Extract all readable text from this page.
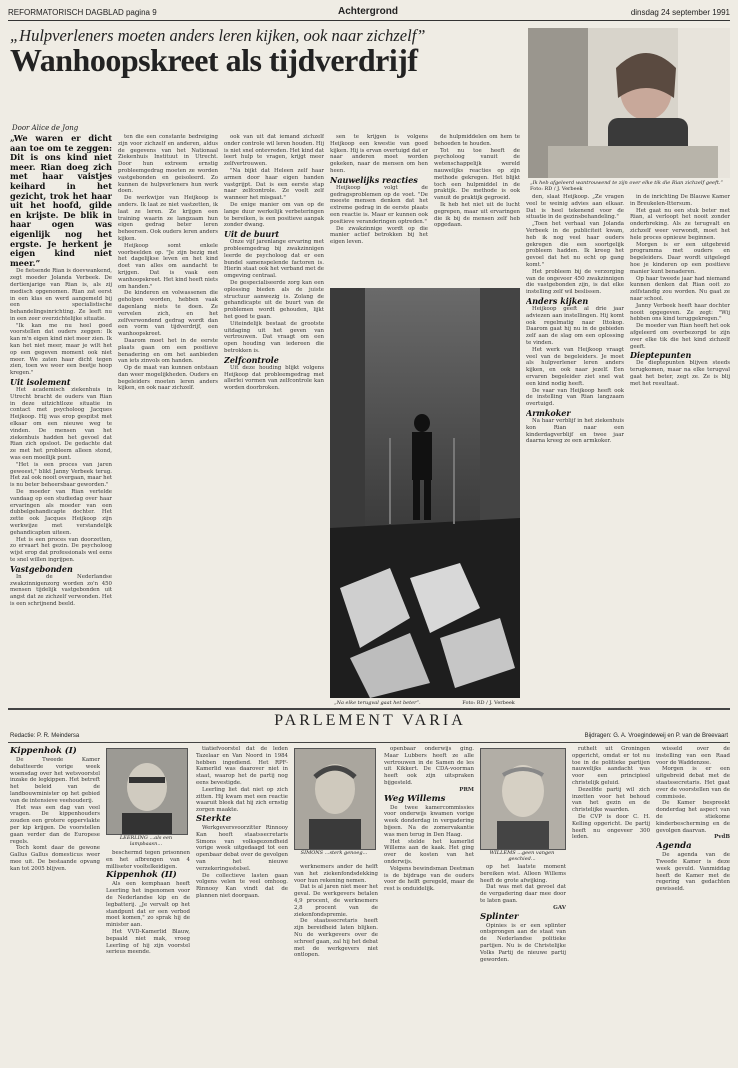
REFORMATORISCH DAGBLAD pagina 9	Achtergrond	dinsdag 24 september 1991
„Hulpverleners moeten anders leren kijken, ook naar zichzelf”
Wanhoopskreet als tijdverdrijf
Door Alice de Jong

„We waren er dicht aan toe om te zeggen: Dit is ons kind niet meer. Rian doeg zich met haar vaistjes keihard in het gezicht, trok het haar uit het hoofd, gilde en krijste. De blik in haar ogen was eigenlijk nog het ergste. Je herkent je eigen kind niet meer.”

De fietsende Rian is doevwankend, zegt moeder Jolanda Verbeek. De dertienjarige van Rian is, als zij medisch opgenomen. Rian zat eerst in een klas en werd aangemeld bij een specialistische behandelingsinrichting. Ze leeft nu in een zeer overzichtelijke situatie.

"Ik kan me nu heel goed voorstellen dat ouders zeggen: Ik kan m'n eigen kind niet meer zien. Ik kan het niet meer, maar je wilt het op een gegeven moment ook niet meer. We zaten haar dicht tegen zien, toen we weer een beetje hoop kregen."

Uit isolement

Het academisch ziekenhuis in Utrecht bracht de ouders van Rian in deze uitzichtloze situatie in contact met psycholoog Jacques Heijkoop. Hij was erop gespitst met elkaar om een nieuwe weg te vinden. De mensen van het ziekenhuis hadden het gevoel dat Rian zich opsloot. De gedachte dat ze met het probleem alleen stond, was een moeilijk punt.

"Het is een proces van jaren geweest," blikt Janny Verbeek terug. Het zal ook nooit overgaan, maar het is nu beter beheersbaar geworden."

De moeder van Rian vertelde vandaag op een studiedag over haar ervaringen als moeder van een dubbelgehandicapte dochter. Het zette ook Jacques Heijkoop zijn werkwijze met verstandelijk gehandicapten uiteen.

Het is een proces van doorzetten, zo ervaart het gezin. De psycholoog wijst erop dat professionals wel eens te snel willen ingrijpen.

Vastgebonden

In de Nederlandse zwakzinnigenzorg worden zo'n 450 mensen tijdelijk vastgebonden uit angst dat ze zichzelf verwonden. Het is een schrijnend beeld.

ten die een constante bedreiging zijn voor zichzelf en anderen, aldus de gegevens van het Nationaal Ziekenhuis Instituut in Utrecht. Door hun extreem ernstig probleemgedrag moeten ze worden vastgebonden en geisoleerd. Zo kunnen de hulpverleners hun werk doen.

De werkwijze van Heijkoop is anders. Ik laat ze niet vastzetten, ik laat ze leren. Ze krijgen een training waarin ze langzaam hun eigen gedrag beter leren beheersen. Ook ouders leren anders kijken.

Heijkoop somt enkele voorbeelden op. "Je zijn bezig met het dagelijkse leven en het kind doet van alles om aandacht te krijgen. Dat is vaak een wanhoopskreet. Het kind heeft niets om handen."

De kinderen en volwassenen die geholpen worden, hebben vaak dagenlang niets te doen. Ze vervelen zich, en het zelfverwondend gedrag wordt dan een vorm van tijdverdrijf, een wanhoopskreet.

Daarom moet het in de eerste plaats gaan om een positieve benadering en om het aanbieden van iets zinvols om handen.

Op de maat van kunnen ontstaan dan weer mogelijkheden. Ouders en begeleiders moeten leren anders kijken, en ook naar zichzelf.

ook van uit dat iemand zichzelf onder controle wil leren houden. Hij is niet snel ontevreden. Het kind dat leert hulp te vragen, krijgt meer zelfvertrouwen.

"Na bijkt dat Heleen zelf haar armen door haar eigen handen vastgrijpt. Dat is een eerste stap naar zelfcontrole. Ze voelt zelf wanneer het misgaat."

De enige manier om van op de lange duur werkelijk verbeteringen te bereiken, is een positieve aanpak zonder dwang.

Uit de buurt

Onze vijf jarenlange ervaring met probleemgedrag bij zwakzinnigen leerde de psycholoog dat er een bundel samenspelende factoren is. Hierin staat ook het verband met de omgeving centraal.

De gespecialiseerde zorg kan een oplossing bieden als de juiste structuur aanwezig is. Zolang de gehandicapte uit de buurt van de problemen wordt gehouden, lijkt het goed te gaan.

Uiteindelijk bestaat de grootste uitdaging uit het geven van vertrouwen. Dat vraagt om een open houding van iedereen die betrokken is.

Zelfcontrole

Uit deze houding blijkt volgens Heijkoop dat probleemgedrag met allerlei vormen van zelfcontrole kan worden doorbroken.

sen te krijgen is volgens Heijkoop een kwestie van goed kijken. Hij is ervan overtuigd dat er naar anderen moet worden gekeken, naar de mensen om hen heen.

Nauwelijks reacties

Heijkoop volgt de gedragsproblemen op de voet. "De meeste mensen denken dat het extreme gedrag in de eerste plaats een reactie is. Maar er kunnen ook positieve veranderingen optreden."

De zwakzinnige wordt op die manier actief betrokken bij het eigen leven.

de hulpmiddelen om hem te behoeden te houden.

Tot nu toe heeft de psycholoog vanuit de wetenschappelijk wereld nauwelijks reacties op zijn methode gekregen. Het blijkt toch een hulpmiddel in de praktijk. De methode is ook vanuit de praktijk gegroeid.

Ik heb het niet uit de lucht gegrepen, maar uit ervaringen die ik bij de mensen zelf heb opgedaan.

„Ik heb afgeleerd wantrouwend te zijn over elke tik die Rian zichzelf geeft.” Foto: RD / J. Verbeek
„Na elke terugval gaat het beter”.	Foto: RD / J. Verbeek

den, slaat Heijkoop. „Ze vragen veel te weinig advies aan elkaar. Dat is heel tekenend voor de situatie in de gezinsbehandeling."

„Toen het verhaal van Jolanda Verbeek in de publiciteit kwam, heb ik nog veel haar ouders gekregen die een soortgelijk probleem hadden. Ik kreeg het gevoel dat het nu echt op gang komt."

Het probleem bij de verzorging van de ongeveer 450 zwakzinnigen die vastgebonden zijn, is dat elke instelling zelf wil beslissen.

Anders kijken

Heijkoop geeft al drie jaar adviezen aan instellingen. Hij komt ook regelmatig naar Ittokop. Daarom gaat hij nu in de gebieden zelf aan de slag om een oplossing te vinden.

Het werk van Heijkoop vraagt veel van de begeleiders. Je moet als hulpverlener leren anders kijken, en ook naar jezelf. Een ervaren begeleider ziet snel wat een kind nodig heeft.

De vaar van Heijkoop heeft ook de instelling van Rian langzaam overtuigd.

Armkoker

Na haar verblijf in het ziekenhuis kon Rian naar een kinderdagverblijf en twee jaar daarna kreeg ze een armkoker.

in de inrichting De Blauwe Kamer in Breukelen-Ittersum.

Het gaat nu een stuk beter met Rian, al verloopt het nooit zonder onderbreking. Als ze terugvalt en zichzelf weer verwondt, moet het hele proces opnieuw beginnen.

Morgen is er een uitgebreid programma met ouders en begeleiders. Daar wordt uitgelegd hoe je kinderen op een positieve manier kunt benaderen.

Op haar tweede jaar had niemand kunnen denken dat Rian ooit zo zelfstandig zou worden. Nu gaat ze naar school.

Janny Verbeek heeft haar dochter nooit opgegeven. Ze zegt: "Wij hebben ons kind teruggekregen."

De moeder van Rian heeft het ook afgeleerd om overbezorgd te zijn over elke tik die het kind zichzelf geeft.

Dieptepunten

De dieptepunten blijven steeds terugkomen, maar na elke terugval gaat het beter, zegt ze. Ze is blij met het resultaat.

PARLEMENT VARIA
Redactie: P. R. Meindersa	Bijdragen: G. A. Vroegindeweij en P. van de Breevaart

Kippenhok (I)

De Tweede Kamer debatteerde vorige week woensdag over het wetsvoorstel inzake de legkippen. Het betreft het beleid van de landbouwminister op het gebied van de intensieve veehouderij.

Het was een dag van veel vragen. De kippenhouders zouden een grotere oppervlakte per kip krijgen. De voorstellen gaan verder dan de Europese regels.

Toch komt daar de gewone Gallus Gallus domesticus weer mee uit. De bestaande opvang kan tot 2005 blijven.

LEERLING ...als een lampbaasn...

beschermd tegen prisonnen en het afbrengen van 4 milliseter vooltelkeidigen.

Kippenhok (II)

Als een kemphaan heeft Leerling het ingenomen voor de Nederlandse kip en de legbatterij. „Je vervalt op het standpunt dat er een verbod moet komen," zo sprak hij de minister aan.

Het VVD-Kamerlid Blauw, bepaald niet mak, vroeg Leerling of hij zijn voorstel serieus meende.

tiatiefvoorstel dat de leden Tazelaar en Van Noord in 1984 hebben ingediend. Het RPF-Kamerlid was daarover niet in staat, waarop het de partij nog eens bevestigde.

Leerling liet dat niet op zich zitten. Hij kwam met een reactie waaruit bleek dat hij zich ernstig zorgen maakte.

Sterkte

Werkgeversvoorzitter Rinnooy Kan heeft staatssecretaris Simons van volksgezondheid vorige week uitgedaagd tot een openbaar debat over de gevolgen van het nieuwe verzekeringsstelsel.

De collectieve lasten gaan volgens velen te veel omhoog. Rinnooy Kan vindt dat de plannen niet doorgaan.

SIMONS ...sterk genoeg...

werknemers ander de helft van het ziekenfondsdekking voor hun rekening nemen.

Dat is al jaren niet meer het geval. De werkgevers betalen 4,9 procent, de werknemers 2,8 procent van de ziekenfondspremie.

De staatssecretaris heeft zijn bereidheid laten blijken. Nu de werkgevers over de schreef gaan, zal hij het debat met de werkgevers niet ontlopen.

openbaar onderwijs ging. Maar Lubbers heeft ze alle vertrouwen in de Samen de les uit Kikkert. De CDA-voorman heeft ook zijn uitspraken bijgesteld.

PRM

Weg Willems

De twee kamercommissies voor onderwijs kwamen vorige week donderdag in vergadering bijeen. Na de zomervakantie was men terug in Den Haag.

Het stelde het kamerlid Willems aan de kaak. Het ging over de kosten van het onderwijs.

Volgens bewindsman Deetman is de bijdrage van de ouders voor de helft geregeld, maar de rest is onduidelijk.

WILLEMS ...geen vangen geschied...

op het laatste moment bereiken wist. Alleen Willems heeft de grote afwijking.

Dat was met dat gevoel dat de vergadering daar mee door te laten gaan.

GAV

Splinter

Opinies is er een splinter ontsprongen aan de staat van de Nederlandse politieke partijen. Nu is de Christelijke Volks Partij de nieuwe partij geworden.

ruthelt uit Groningen opgericht, omdat er tot nu toe in de politieke partijen nauwelijks aandacht was voor een principieel christelijk geluid.

Dezelfde partij wil zich inzetten voor het behoud van het gezin en de christelijke waarden.

De CVP is door C. H. Kelling opgericht. De partij heeft nu ongeveer 300 leden.

wisseld over de instelling van een Raad voor de Waddenzee.

Morgen is er een uitgebreid debat met de staatssecretaris. Het gaat over de voorstellen van de commissie.

De Kamer bespreekt donderdag het aspect van de stiekome kinderbescherming en de gevolgen daarvan.

PvdB

Agenda

De agenda van de Tweede Kamer is deze week gevuld. Vanmiddag heeft de Kamer met de regering van gedachten gewisseld.
